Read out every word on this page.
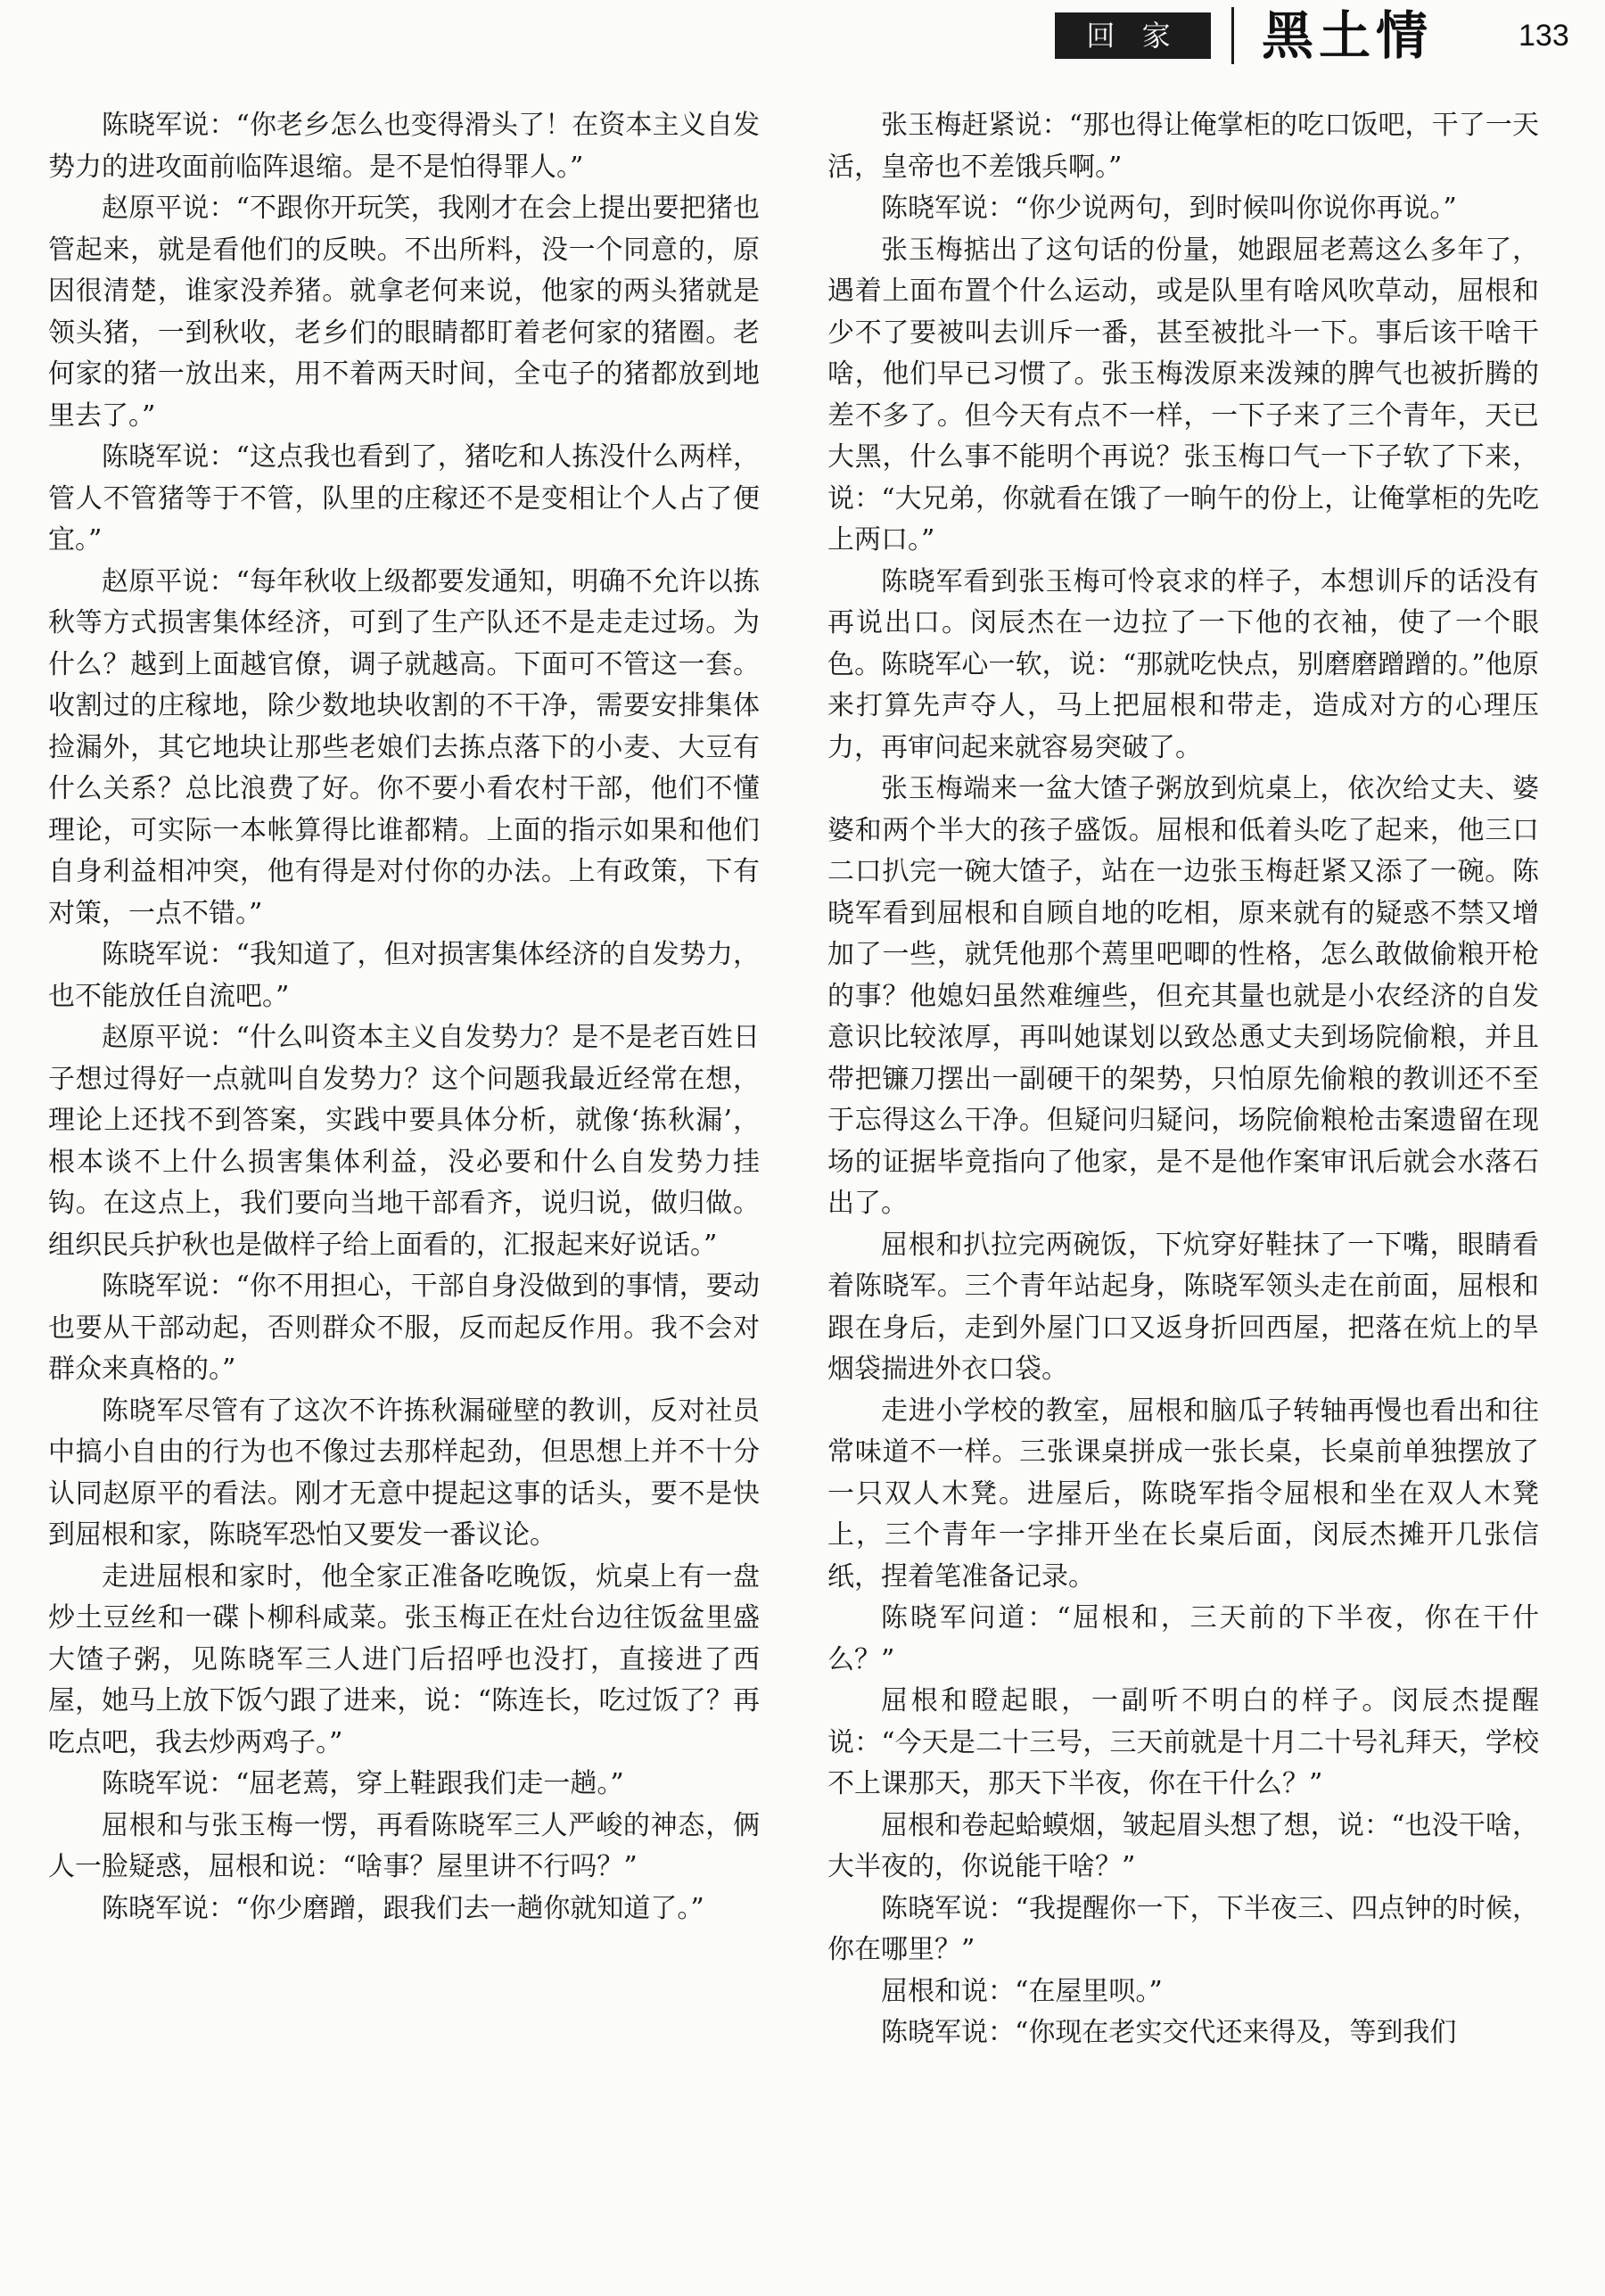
回 家	黑土情	133

陈晓军说：“你老乡怎么也变得滑头了！在资本主义自发势力的进攻面前临阵退缩。是不是怕得罪人。”

赵原平说：“不跟你开玩笑，我刚才在会上提出要把猪也管起来，就是看他们的反映。不出所料，没一个同意的，原因很清楚，谁家没养猪。就拿老何来说，他家的两头猪就是领头猪，一到秋收，老乡们的眼睛都盯着老何家的猪圈。老何家的猪一放出来，用不着两天时间，全屯子的猪都放到地里去了。”

陈晓军说：“这点我也看到了，猪吃和人拣没什么两样，管人不管猪等于不管，队里的庄稼还不是变相让个人占了便宜。”

赵原平说：“每年秋收上级都要发通知，明确不允许以拣秋等方式损害集体经济，可到了生产队还不是走走过场。为什么？越到上面越官僚，调子就越高。下面可不管这一套。收割过的庄稼地，除少数地块收割的不干净，需要安排集体捡漏外，其它地块让那些老娘们去拣点落下的小麦、大豆有什么关系？总比浪费了好。你不要小看农村干部，他们不懂理论，可实际一本帐算得比谁都精。上面的指示如果和他们自身利益相冲突，他有得是对付你的办法。上有政策，下有对策，一点不错。”

陈晓军说：“我知道了，但对损害集体经济的自发势力，也不能放任自流吧。”

赵原平说：“什么叫资本主义自发势力？是不是老百姓日子想过得好一点就叫自发势力？这个问题我最近经常在想，理论上还找不到答案，实践中要具体分析，就像‘拣秋漏’，根本谈不上什么损害集体利益，没必要和什么自发势力挂钩。在这点上，我们要向当地干部看齐，说归说，做归做。组织民兵护秋也是做样子给上面看的，汇报起来好说话。”

陈晓军说：“你不用担心，干部自身没做到的事情，要动也要从干部动起，否则群众不服，反而起反作用。我不会对群众来真格的。”

陈晓军尽管有了这次不许拣秋漏碰壁的教训，反对社员中搞小自由的行为也不像过去那样起劲，但思想上并不十分认同赵原平的看法。刚才无意中提起这事的话头，要不是快到屈根和家，陈晓军恐怕又要发一番议论。

走进屈根和家时，他全家正准备吃晚饭，炕桌上有一盘炒土豆丝和一碟卜柳科咸菜。张玉梅正在灶台边往饭盆里盛大馇子粥，见陈晓军三人进门后招呼也没打，直接进了西屋，她马上放下饭勺跟了进来，说：“陈连长，吃过饭了？再吃点吧，我去炒两鸡子。”

陈晓军说：“屈老蔫，穿上鞋跟我们走一趟。”

屈根和与张玉梅一愣，再看陈晓军三人严峻的神态，俩人一脸疑惑，屈根和说：“啥事？屋里讲不行吗？”

陈晓军说：“你少磨蹭，跟我们去一趟你就知道了。”

张玉梅赶紧说：“那也得让俺掌柜的吃口饭吧，干了一天活，皇帝也不差饿兵啊。”

陈晓军说：“你少说两句，到时候叫你说你再说。”

张玉梅掂出了这句话的份量，她跟屈老蔫这么多年了，遇着上面布置个什么运动，或是队里有啥风吹草动，屈根和少不了要被叫去训斥一番，甚至被批斗一下。事后该干啥干啥，他们早已习惯了。张玉梅泼原来泼辣的脾气也被折腾的差不多了。但今天有点不一样，一下子来了三个青年，天已大黑，什么事不能明个再说？张玉梅口气一下子软了下来，说：“大兄弟，你就看在饿了一晌午的份上，让俺掌柜的先吃上两口。”

陈晓军看到张玉梅可怜哀求的样子，本想训斥的话没有再说出口。闵辰杰在一边拉了一下他的衣袖，使了一个眼色。陈晓军心一软，说：“那就吃快点，别磨磨蹭蹭的。”他原来打算先声夺人，马上把屈根和带走，造成对方的心理压力，再审问起来就容易突破了。

张玉梅端来一盆大馇子粥放到炕桌上，依次给丈夫、婆婆和两个半大的孩子盛饭。屈根和低着头吃了起来，他三口二口扒完一碗大馇子，站在一边张玉梅赶紧又添了一碗。陈晓军看到屈根和自顾自地的吃相，原来就有的疑惑不禁又增加了一些，就凭他那个蔫里吧唧的性格，怎么敢做偷粮开枪的事？他媳妇虽然难缠些，但充其量也就是小农经济的自发意识比较浓厚，再叫她谋划以致怂恿丈夫到场院偷粮，并且带把镰刀摆出一副硬干的架势，只怕原先偷粮的教训还不至于忘得这么干净。但疑问归疑问，场院偷粮枪击案遗留在现场的证据毕竟指向了他家，是不是他作案审讯后就会水落石出了。

屈根和扒拉完两碗饭，下炕穿好鞋抹了一下嘴，眼睛看着陈晓军。三个青年站起身，陈晓军领头走在前面，屈根和跟在身后，走到外屋门口又返身折回西屋，把落在炕上的旱烟袋揣进外衣口袋。

走进小学校的教室，屈根和脑瓜子转轴再慢也看出和往常味道不一样。三张课桌拼成一张长桌，长桌前单独摆放了一只双人木凳。进屋后，陈晓军指令屈根和坐在双人木凳上，三个青年一字排开坐在长桌后面，闵辰杰摊开几张信纸，捏着笔准备记录。

陈晓军问道：“屈根和，三天前的下半夜，你在干什么？”

屈根和瞪起眼，一副听不明白的样子。闵辰杰提醒说：“今天是二十三号，三天前就是十月二十号礼拜天，学校不上课那天，那天下半夜，你在干什么？”

屈根和卷起蛤蟆烟，皱起眉头想了想，说：“也没干啥，大半夜的，你说能干啥？”

陈晓军说：“我提醒你一下，下半夜三、四点钟的时候，你在哪里？”

屈根和说：“在屋里呗。”

陈晓军说：“你现在老实交代还来得及，等到我们
